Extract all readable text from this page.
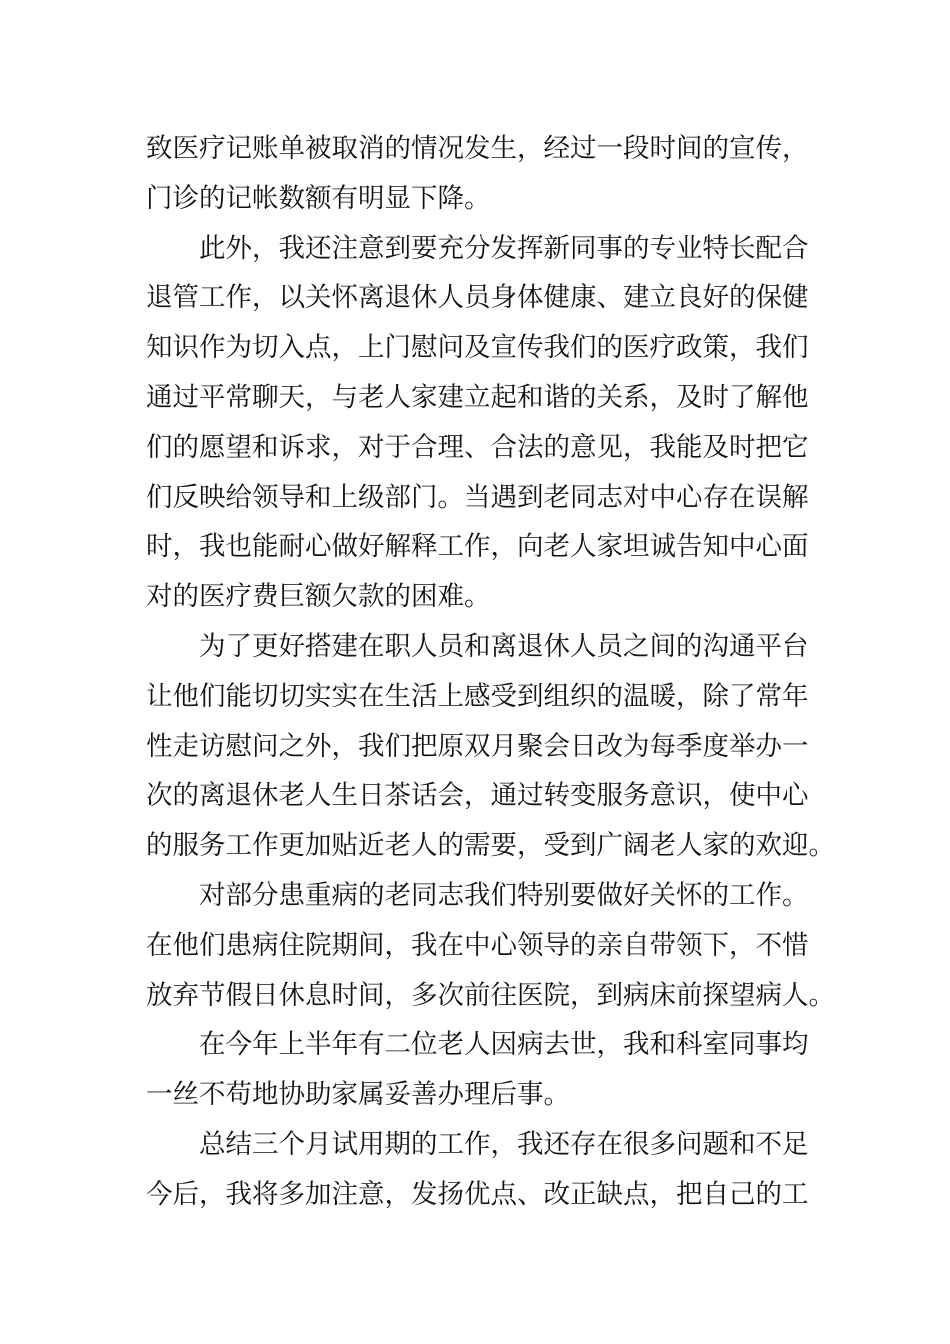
致医疗记账单被取消的情况发生，经过一段时间的宣传，
门诊的记帐数额有明显下降。
此外，我还注意到要充分发挥新同事的专业特长配合
退管工作，以关怀离退休人员身体健康、建立良好的保健
知识作为切入点，上门慰问及宣传我们的医疗政策，我们
通过平常聊天，与老人家建立起和谐的关系，及时了解他
们的愿望和诉求，对于合理、合法的意见，我能及时把它
们反映给领导和上级部门。当遇到老同志对中心存在误解
时，我也能耐心做好解释工作，向老人家坦诚告知中心面
对的医疗费巨额欠款的困难。
为了更好搭建在职人员和离退休人员之间的沟通平台
让他们能切切实实在生活上感受到组织的温暖，除了常年
性走访慰问之外，我们把原双月聚会日改为每季度举办一
次的离退休老人生日茶话会，通过转变服务意识，使中心
的服务工作更加贴近老人的需要，受到广阔老人家的欢迎。
对部分患重病的老同志我们特别要做好关怀的工作。
在他们患病住院期间，我在中心领导的亲自带领下，不惜
放弃节假日休息时间，多次前往医院，到病床前探望病人。
在今年上半年有二位老人因病去世，我和科室同事均
一丝不苟地协助家属妥善办理后事。
总结三个月试用期的工作，我还存在很多问题和不足
今后，我将多加注意，发扬优点、改正缺点，把自己的工
